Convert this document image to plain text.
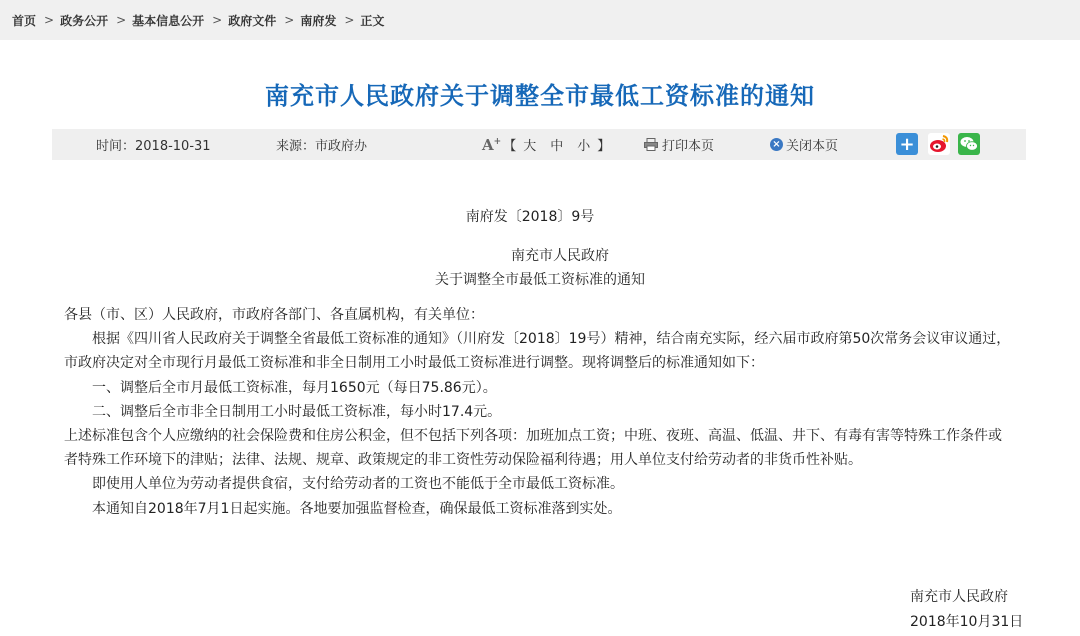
首页 > 政务公开 > 基本信息公开 > 政府文件 > 南府发 > 正文
南充市人民政府关于调整全市最低工资标准的通知
时间：2018-10-31	来源：市政府办	A+ 【 大 中 小 】	打印本页	× 关闭本页	+
南府发〔2018〕9号
南充市人民政府
关于调整全市最低工资标准的通知

各县（市、区）人民政府，市政府各部门、各直属机构，有关单位：

根据《四川省人民政府关于调整全省最低工资标准的通知》（川府发〔2018〕19号）精神，结合南充实际，经六届市政府第50次常务会议审议通过，市政府决定对全市现行月最低工资标准和非全日制用工小时最低工资标准进行调整。现将调整后的标准通知如下：

一、调整后全市月最低工资标准，每月1650元（每日75.86元）。

二、调整后全市非全日制用工小时最低工资标准，每小时17.4元。

上述标准包含个人应缴纳的社会保险费和住房公积金，但不包括下列各项：加班加点工资；中班、夜班、高温、低温、井下、有毒有害等特殊工作条件或者特殊工作环境下的津贴；法律、法规、规章、政策规定的非工资性劳动保险福利待遇；用人单位支付给劳动者的非货币性补贴。

即使用人单位为劳动者提供食宿，支付给劳动者的工资也不能低于全市最低工资标准。

本通知自2018年7月1日起实施。各地要加强监督检查，确保最低工资标准落到实处。

南充市人民政府
2018年10月31日
